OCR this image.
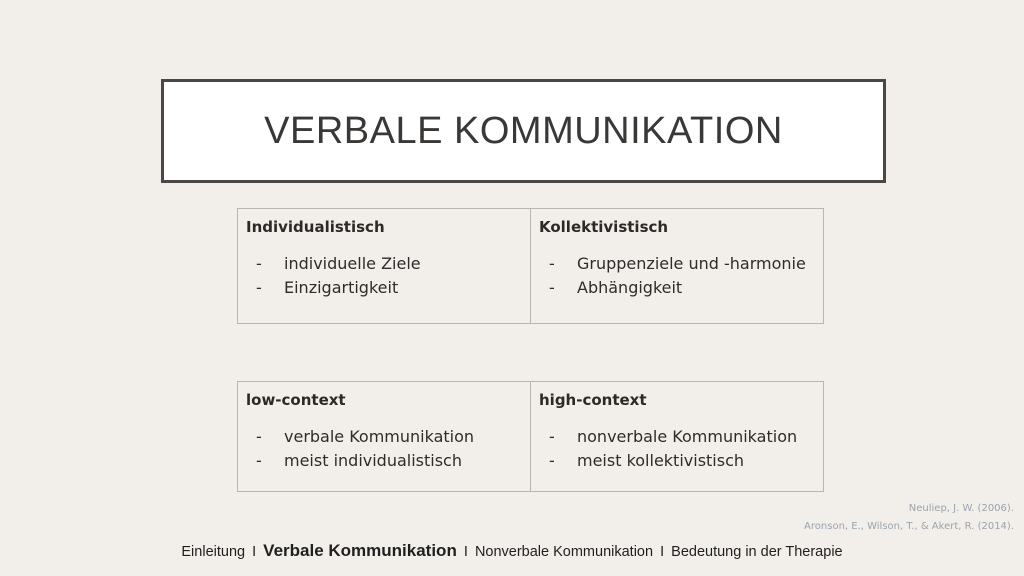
VERBALE KOMMUNIKATION
Individualistisch
- individuelle Ziele
- Einzigartigkeit

Kollektivistisch
- Gruppenziele und -harmonie
- Abhängigkeit
low-context
- verbale Kommunikation
- meist individualistisch

high-context
- nonverbale Kommunikation
- meist kollektivistisch
Neuliep, J. W. (2006).
Aronson, E., Wilson, T., & Akert, R. (2014).
Einleitung I Verbale Kommunikation I Nonverbale Kommunikation I Bedeutung in der Therapie
